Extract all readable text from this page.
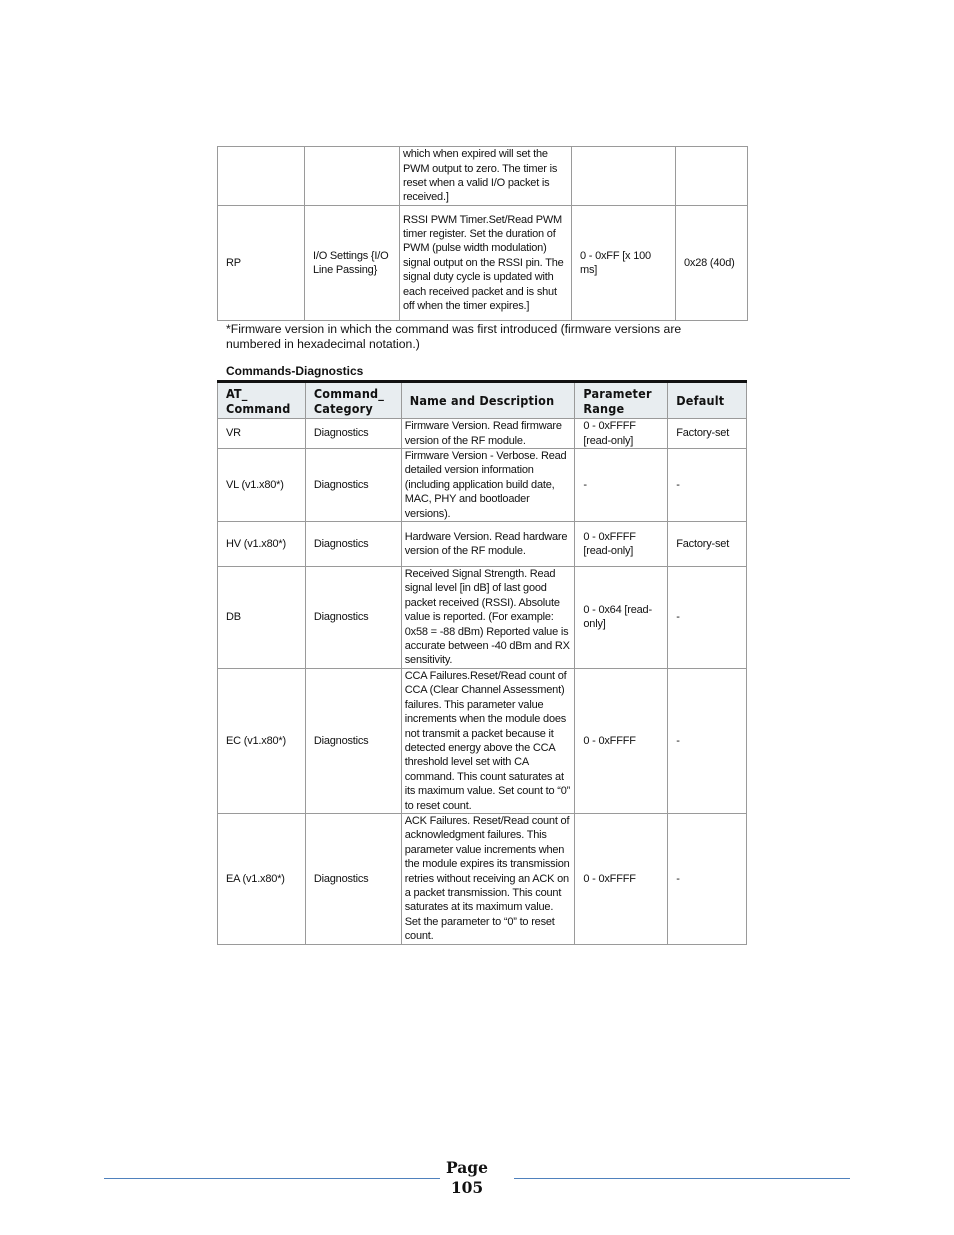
		which when expired will set the PWM output to zero. The timer is reset when a valid I/O packet is received.]		
RP	I/O Settings {I/O Line Passing}	RSSI PWM Timer.Set/Read PWM timer register. Set the duration of PWM (pulse width modulation) signal output on the RSSI pin. The signal duty cycle is updated with each received packet and is shut off when the timer expires.]	0 - 0xFF [x 100 ms]	0x28 (40d)
*Firmware version in which the command was first introduced (firmware versions are numbered in hexadecimal notation.)
Commands-Diagnostics
AT_ Command	Command_ Category	Name and Description	Parameter Range	Default
VR	Diagnostics	Firmware Version. Read firmware version of the RF module.	0 - 0xFFFF [read-only]	Factory-set
VL (v1.x80*)	Diagnostics	Firmware Version - Verbose. Read detailed version information (including application build date, MAC, PHY and bootloader versions).	-	-
HV (v1.x80*)	Diagnostics	Hardware Version. Read hardware version of the RF module.	0 - 0xFFFF [read-only]	Factory-set
DB	Diagnostics	Received Signal Strength. Read signal level [in dB] of last good packet received (RSSI). Absolute value is reported. (For example: 0x58 = -88 dBm) Reported value is accurate between -40 dBm and RX sensitivity.	0 - 0x64 [read-only]	-
EC (v1.x80*)	Diagnostics	CCA Failures.Reset/Read count of CCA (Clear Channel Assessment) failures. This parameter value increments when the module does not transmit a packet because it detected energy above the CCA threshold level set with CA command. This count saturates at its maximum value. Set count to “0” to reset count.	0 - 0xFFFF	-
EA (v1.x80*)	Diagnostics	ACK Failures. Reset/Read count of acknowledgment failures. This parameter value increments when the module expires its transmission retries without receiving an ACK on a packet transmission. This count saturates at its maximum value. Set the parameter to “0” to reset count.	0 - 0xFFFF	-
Page
105
